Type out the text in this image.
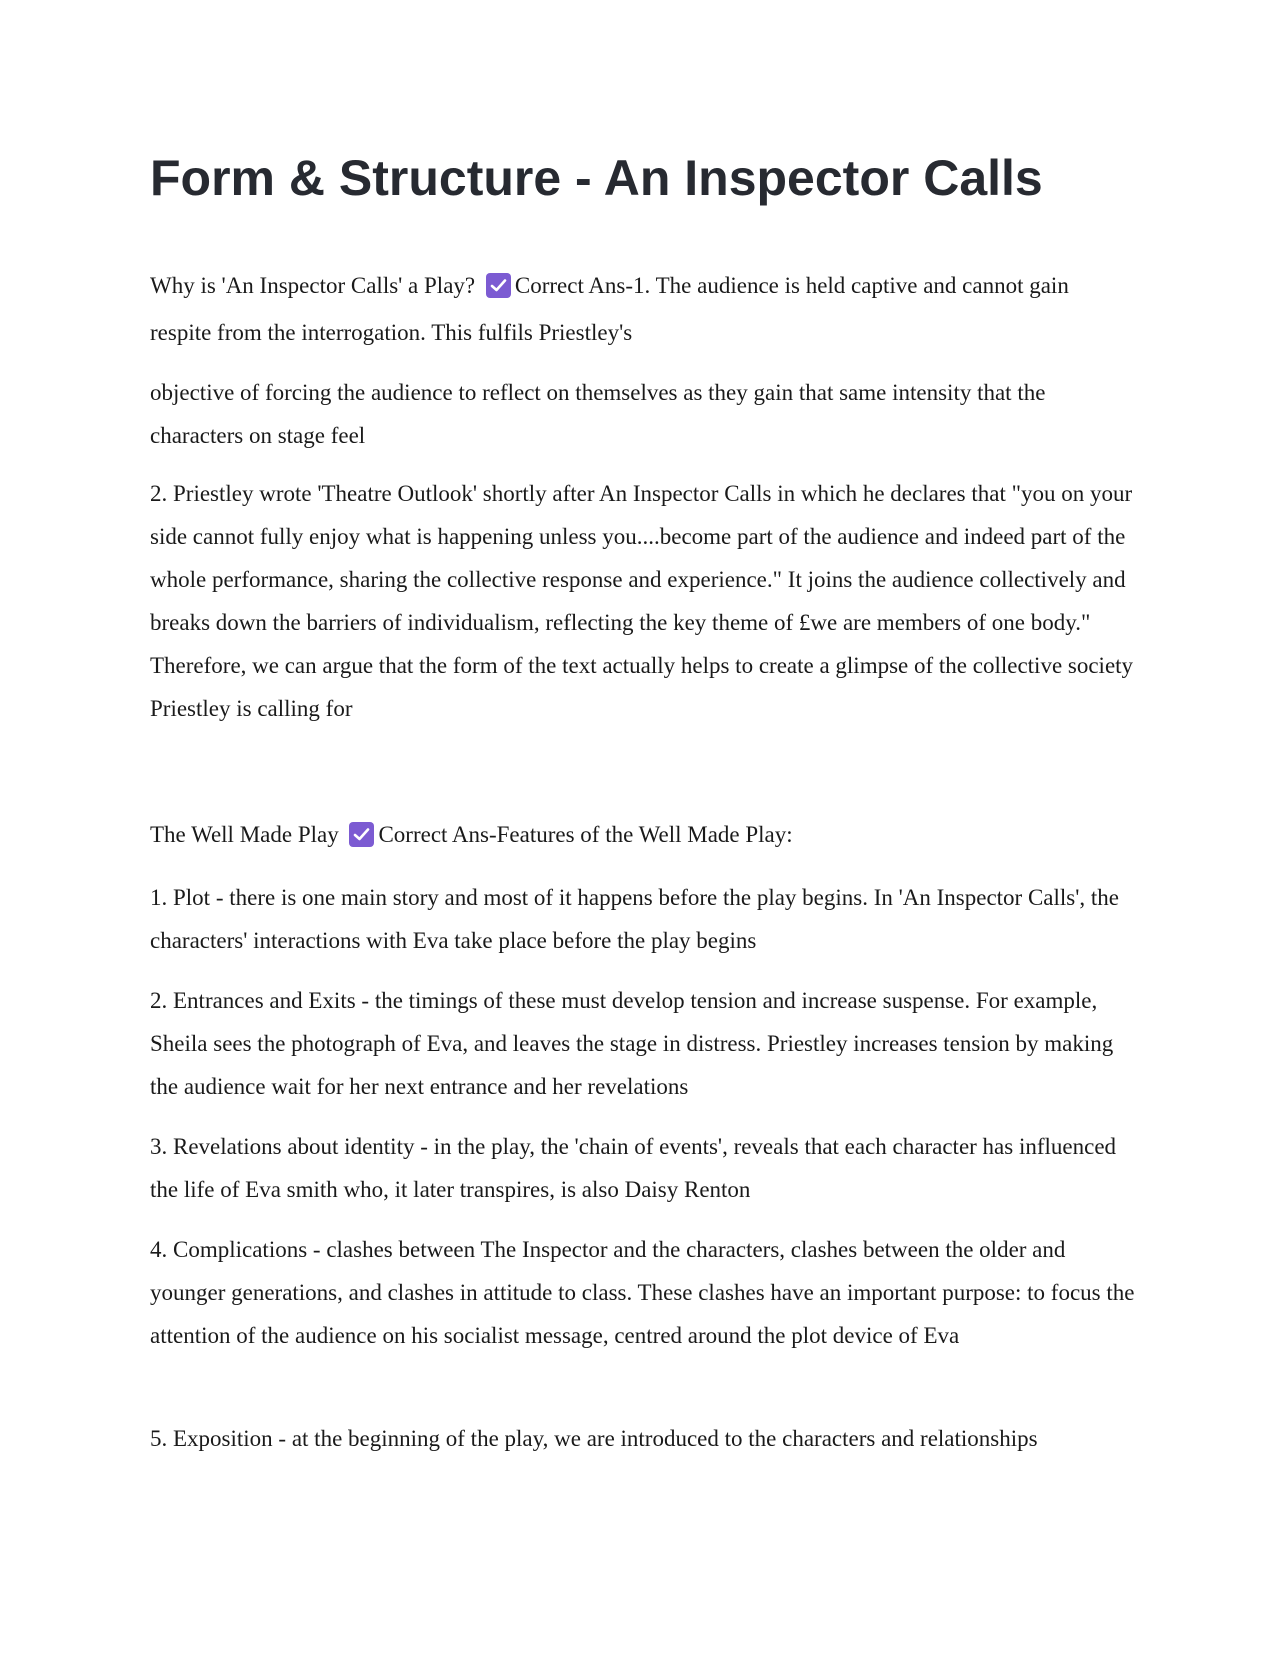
Form & Structure - An Inspector Calls

Why is 'An Inspector Calls' a Play? Correct Ans-1. The audience is held captive and cannot gain respite from the interrogation. This fulfils Priestley's

objective of forcing the audience to reflect on themselves as they gain that same intensity that the characters on stage feel

2. Priestley wrote 'Theatre Outlook' shortly after An Inspector Calls in which he declares that "you on your side cannot fully enjoy what is happening unless you....become part of the audience and indeed part of the whole performance, sharing the collective response and experience." It joins the audience collectively and breaks down the barriers of individualism, reflecting the key theme of £we are members of one body." Therefore, we can argue that the form of the text actually helps to create a glimpse of the collective society Priestley is calling for

The Well Made Play Correct Ans-Features of the Well Made Play:

1. Plot - there is one main story and most of it happens before the play begins. In 'An Inspector Calls', the characters' interactions with Eva take place before the play begins

2. Entrances and Exits - the timings of these must develop tension and increase suspense. For example, Sheila sees the photograph of Eva, and leaves the stage in distress. Priestley increases tension by making the audience wait for her next entrance and her revelations

3. Revelations about identity - in the play, the 'chain of events', reveals that each character has influenced the life of Eva smith who, it later transpires, is also Daisy Renton

4. Complications - clashes between The Inspector and the characters, clashes between the older and younger generations, and clashes in attitude to class. These clashes have an important purpose: to focus the attention of the audience on his socialist message, centred around the plot device of Eva

5. Exposition - at the beginning of the play, we are introduced to the characters and relationships
